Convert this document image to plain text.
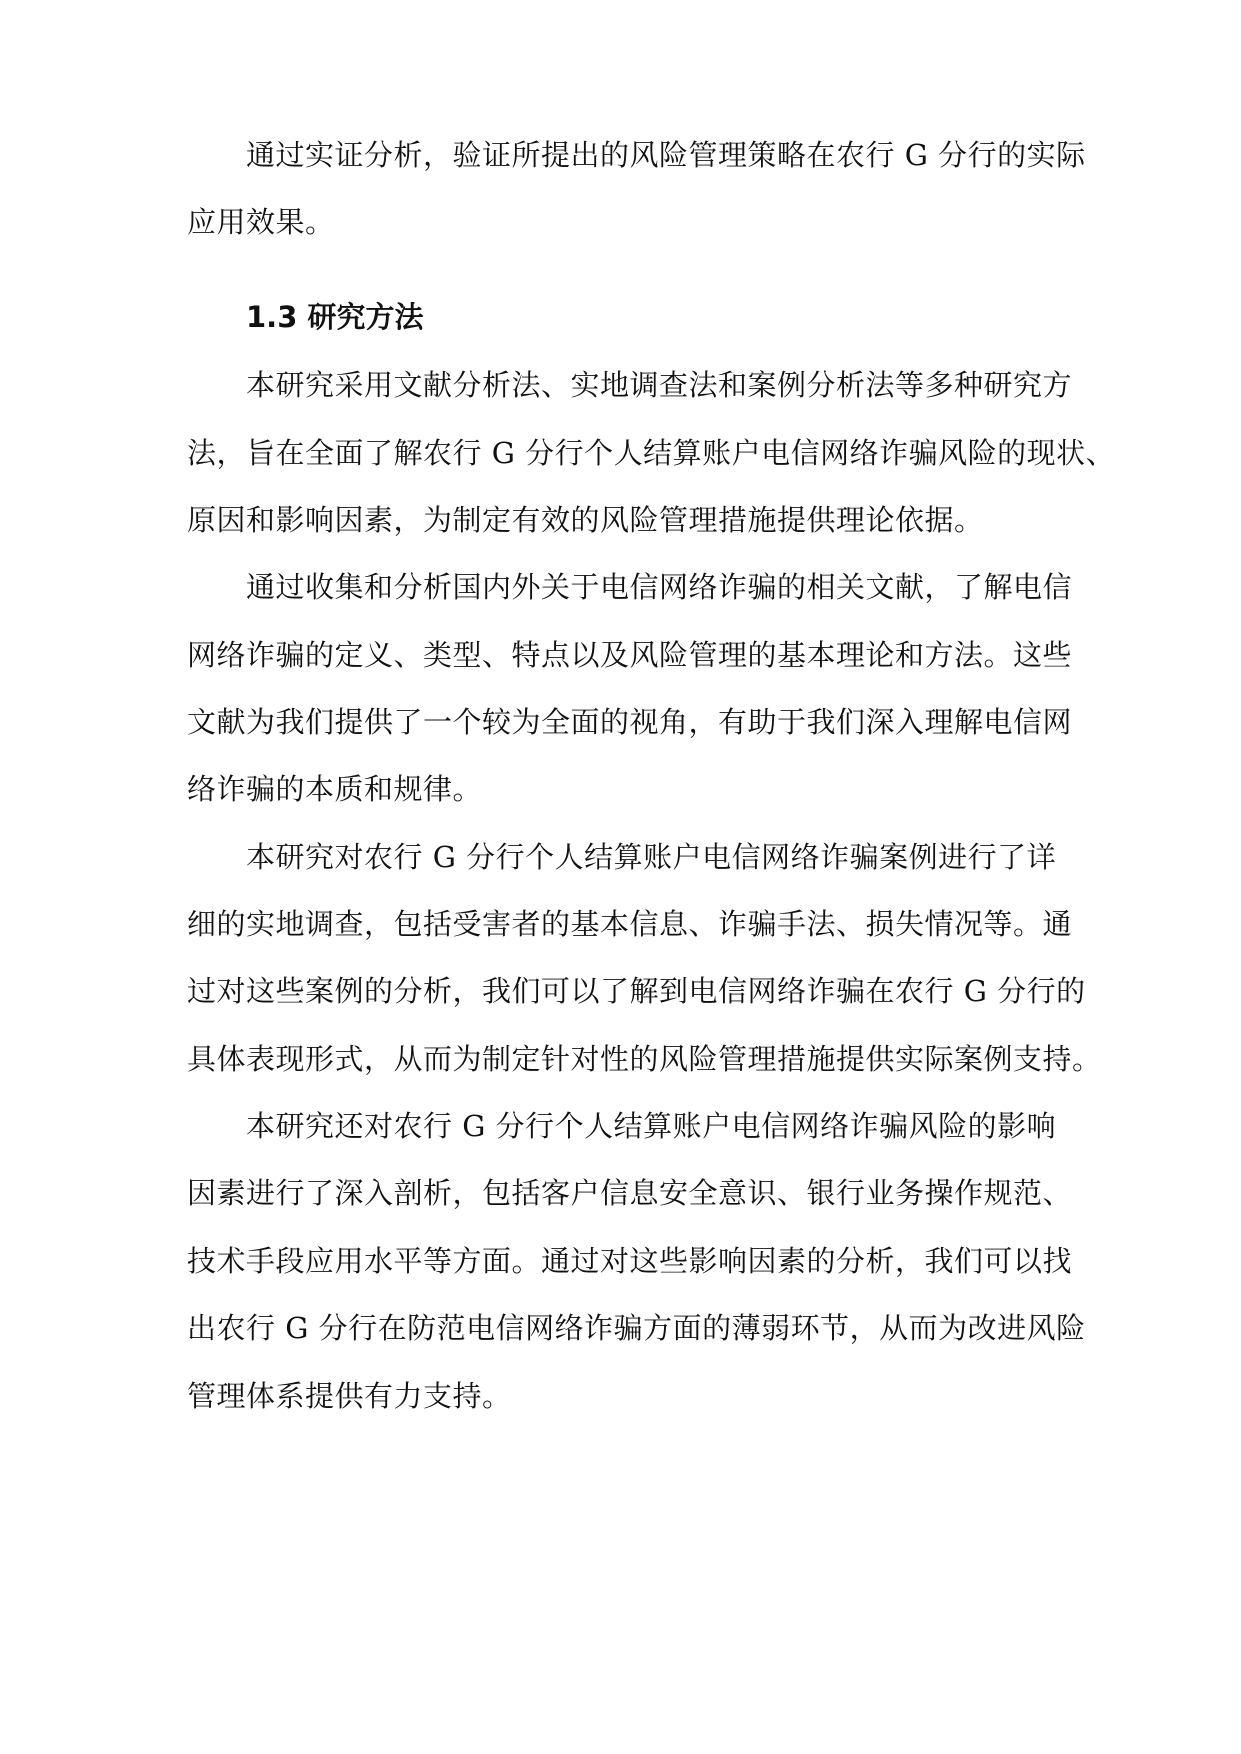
通过实证分析，验证所提出的风险管理策略在农行 G 分行的实际
应用效果。
1.3 研究方法
本研究采用文献分析法、实地调查法和案例分析法等多种研究方
法，旨在全面了解农行 G 分行个人结算账户电信网络诈骗风险的现状、
原因和影响因素，为制定有效的风险管理措施提供理论依据。
通过收集和分析国内外关于电信网络诈骗的相关文献，了解电信
网络诈骗的定义、类型、特点以及风险管理的基本理论和方法。这些
文献为我们提供了一个较为全面的视角，有助于我们深入理解电信网
络诈骗的本质和规律。
本研究对农行 G 分行个人结算账户电信网络诈骗案例进行了详
细的实地调查，包括受害者的基本信息、诈骗手法、损失情况等。通
过对这些案例的分析，我们可以了解到电信网络诈骗在农行 G 分行的
具体表现形式，从而为制定针对性的风险管理措施提供实际案例支持。
本研究还对农行 G 分行个人结算账户电信网络诈骗风险的影响
因素进行了深入剖析，包括客户信息安全意识、银行业务操作规范、
技术手段应用水平等方面。通过对这些影响因素的分析，我们可以找
出农行 G 分行在防范电信网络诈骗方面的薄弱环节，从而为改进风险
管理体系提供有力支持。
